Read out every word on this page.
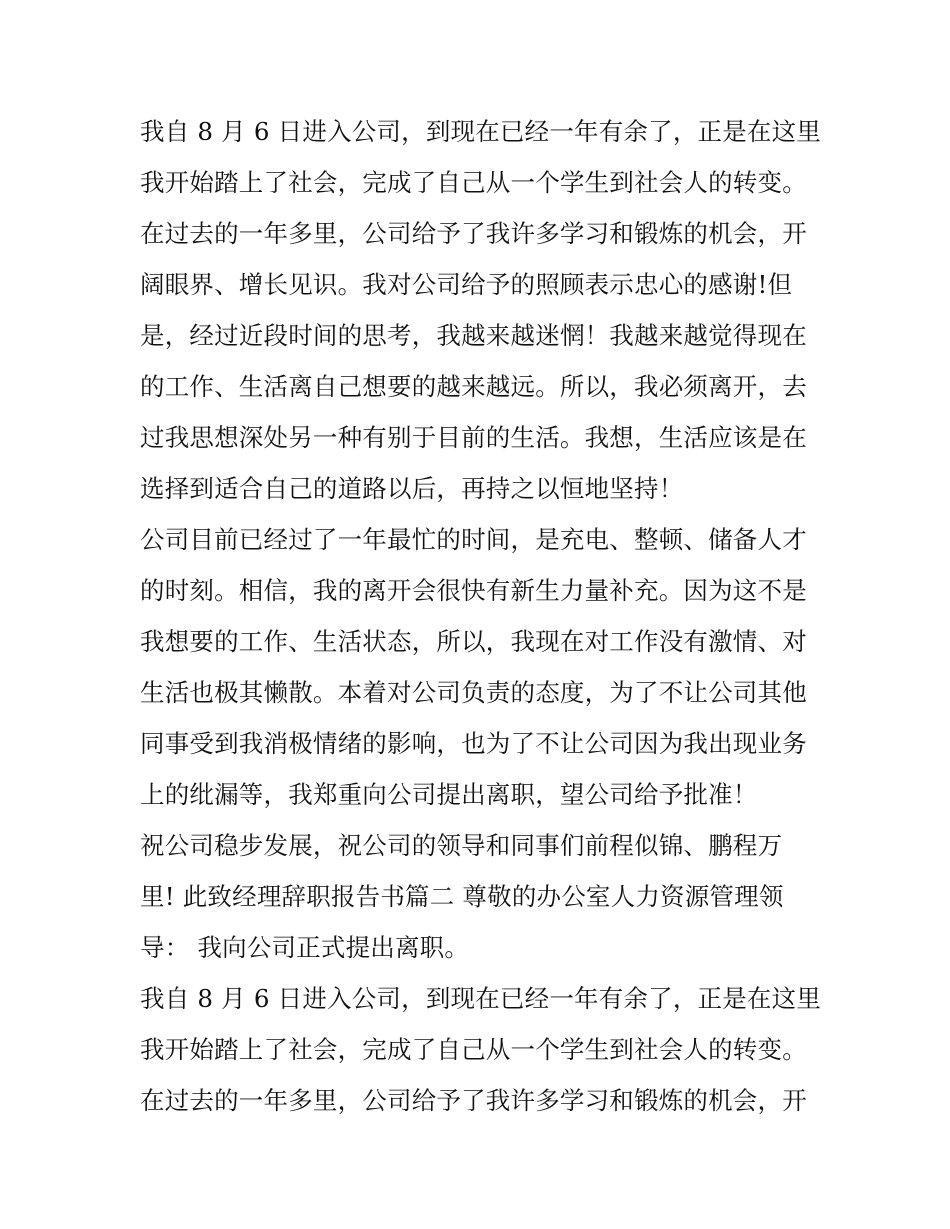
我自 8 月 6 日进入公司，到现在已经一年有余了，正是在这里
我开始踏上了社会，完成了自己从一个学生到社会人的转变。
在过去的一年多里，公司给予了我许多学习和锻炼的机会，开
阔眼界、增长见识。我对公司给予的照顾表示忠心的感谢!但
是，经过近段时间的思考，我越来越迷惘！我越来越觉得现在
的工作、生活离自己想要的越来越远。所以，我必须离开，去
过我思想深处另一种有别于目前的生活。我想，生活应该是在
选择到适合自己的道路以后，再持之以恒地坚持！
公司目前已经过了一年最忙的时间，是充电、整顿、储备人才
的时刻。相信，我的离开会很快有新生力量补充。因为这不是
我想要的工作、生活状态，所以，我现在对工作没有激情、对
生活也极其懒散。本着对公司负责的态度，为了不让公司其他
同事受到我消极情绪的影响，也为了不让公司因为我出现业务
上的纰漏等，我郑重向公司提出离职，望公司给予批准！
祝公司稳步发展，祝公司的领导和同事们前程似锦、鹏程万
里! 此致经理辞职报告书篇二 尊敬的办公室人力资源管理领
导： 我向公司正式提出离职。
我自 8 月 6 日进入公司，到现在已经一年有余了，正是在这里
我开始踏上了社会，完成了自己从一个学生到社会人的转变。
在过去的一年多里，公司给予了我许多学习和锻炼的机会，开
